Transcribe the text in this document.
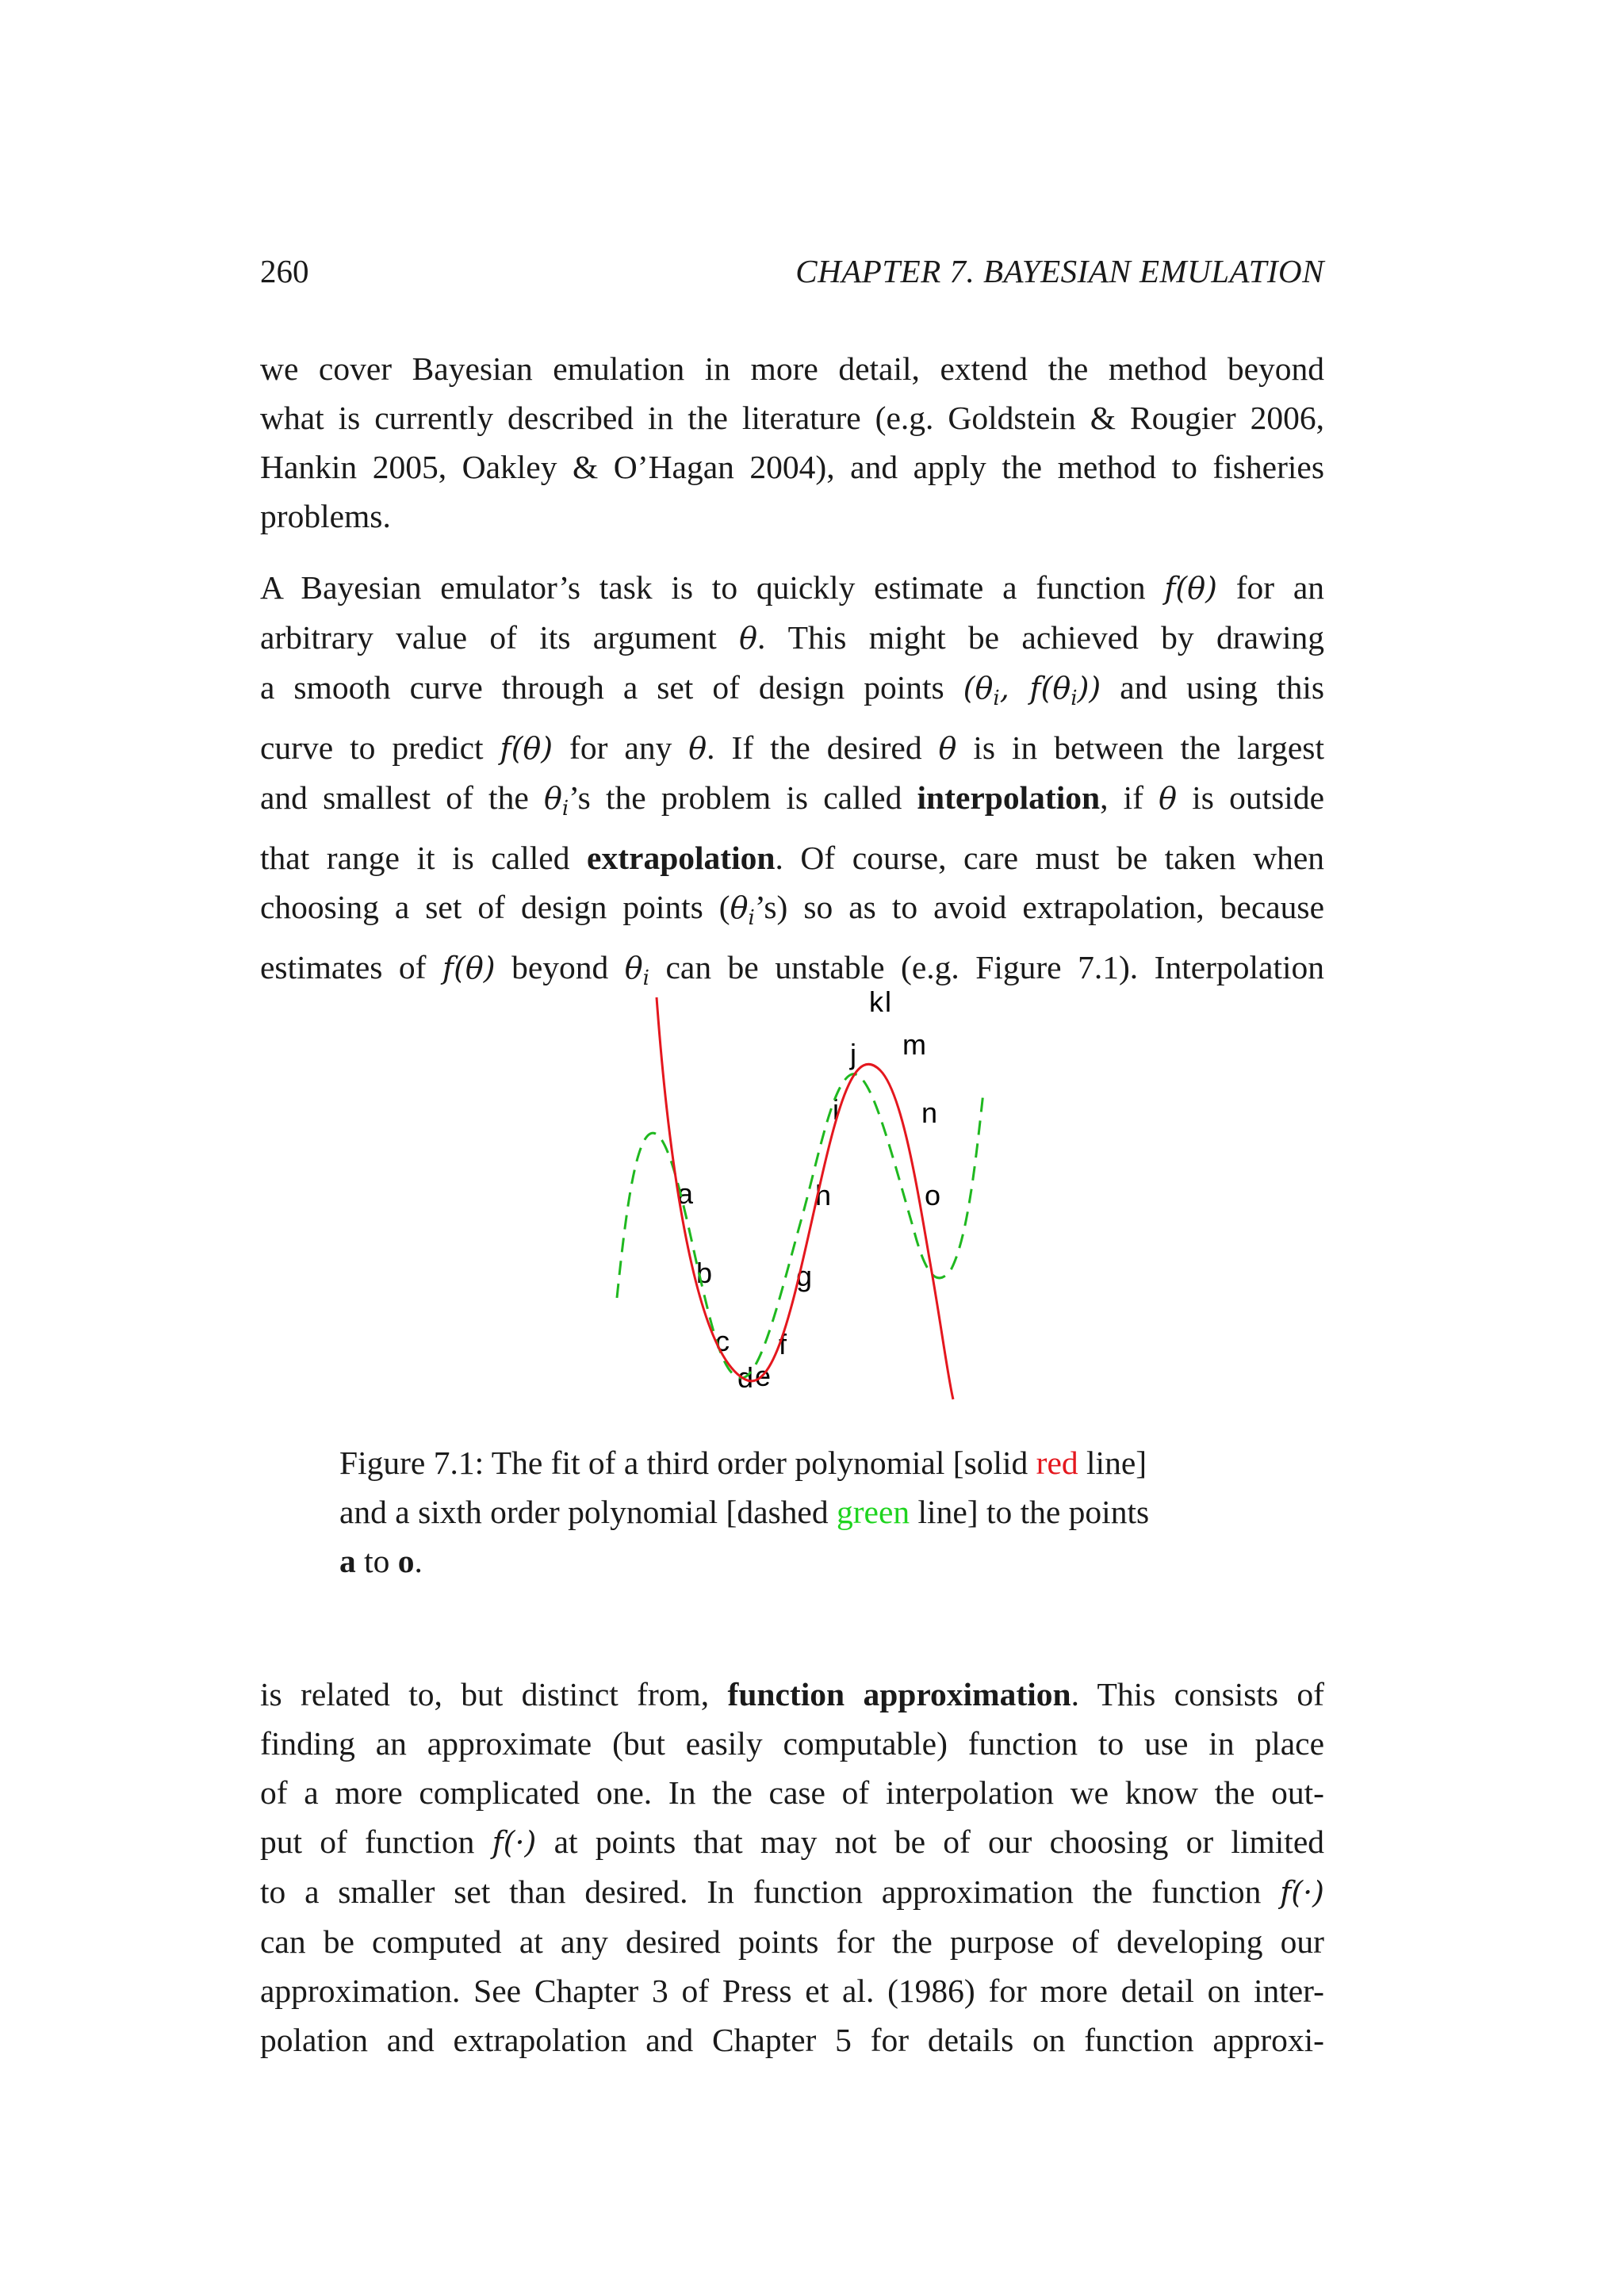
260	CHAPTER 7. BAYESIAN EMULATION
we cover Bayesian emulation in more detail, extend the method beyond
what is currently described in the literature (e.g. Goldstein & Rougier 2006,
Hankin 2005, Oakley & O’Hagan 2004), and apply the method to fisheries
problems.
A Bayesian emulator’s task is to quickly estimate a function f(θ) for an
arbitrary value of its argument θ. This might be achieved by drawing
a smooth curve through a set of design points ($\theta_i$, $f(\theta_i)$) and using this
curve to predict f(θ) for any θ. If the desired θ is in between the largest
and smallest of the $\theta_i’s$ the problem is called interpolation, if θ is outside
that range it is called extrapolation. Of course, care must be taken when
choosing a set of design points $(\theta_i’s)$ so as to avoid extrapolation, because
estimates of f(θ) beyond $\theta_i$ can be unstable (e.g. Figure 7.1). Interpolation
a
b
c
d e
f
g
h
i
j
k l
m
n
o
Figure 7.1: The fit of a third order polynomial [solid red line]
and a sixth order polynomial [dashed green line] to the points
a to o.
is related to, but distinct from, function approximation. This consists of
finding an approximate (but easily computable) function to use in place
of a more complicated one. In the case of interpolation we know the out-
put of function f(·) at points that may not be of our choosing or limited
to a smaller set than desired. In function approximation the function f(·)
can be computed at any desired points for the purpose of developing our
approximation. See Chapter 3 of Press et al. (1986) for more detail on inter-
polation and extrapolation and Chapter 5 for details on function approxi-
